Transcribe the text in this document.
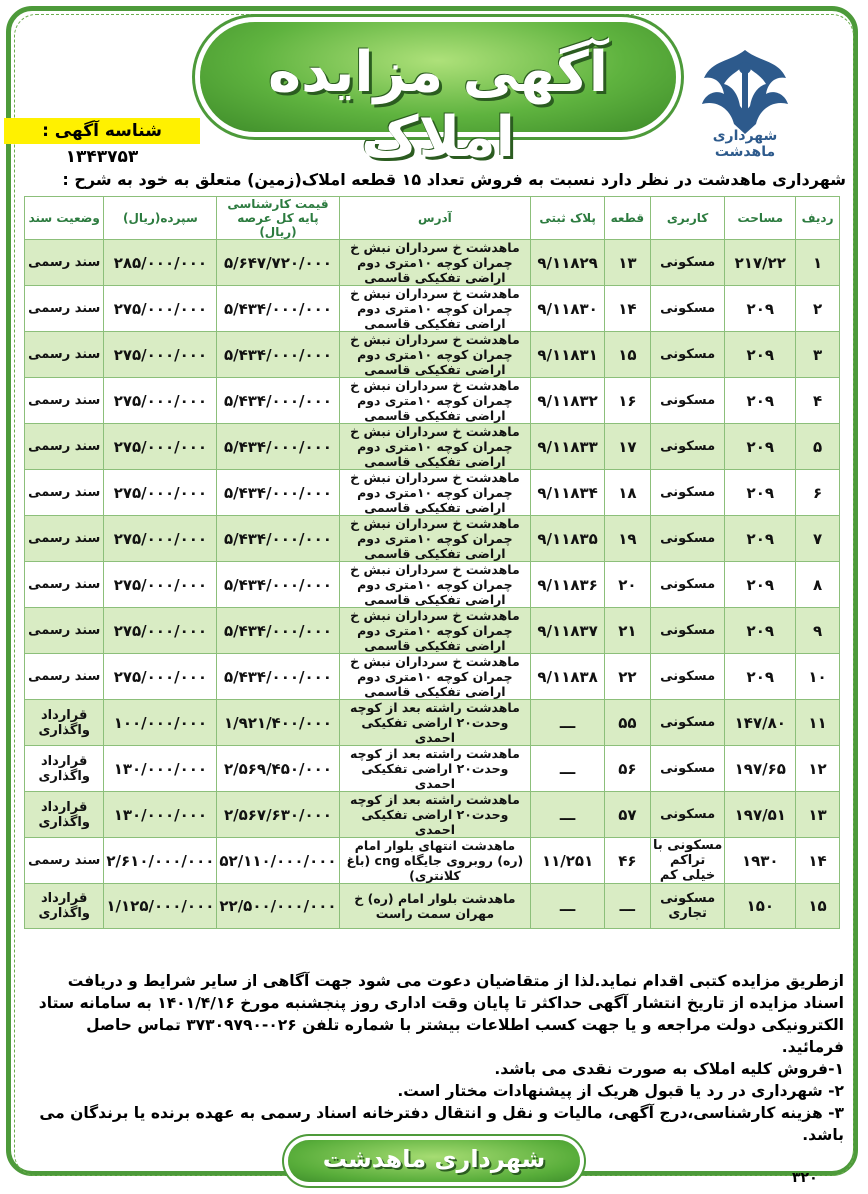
آگهی مزایده املاک
شناسه آگهی : ۱۳۴۳۷۵۳
شهرداری ماهدشت
شهرداری ماهدشت در نظر دارد نسبت به فروش تعداد ۱۵ قطعه املاک(زمین) متعلق به خود به شرح :
ردیف	مساحت	کاربری	قطعه	پلاک ثبتی	آدرس	قیمت کارشناسی پایه کل عرصه (ریال)	سپرده(ریال)	وضعیت سند
۱	۲۱۷/۲۲	مسکونی	۱۳	۹/۱۱۸۲۹	ماهدشت خ سرداران نبش خ چمران کوچه ۱۰متری دوم اراضی تفکیکی قاسمی	۵/۶۴۷/۷۲۰/۰۰۰	۲۸۵/۰۰۰/۰۰۰	سند رسمی
۲	۲۰۹	مسکونی	۱۴	۹/۱۱۸۳۰	ماهدشت خ سرداران نبش خ چمران کوچه ۱۰متری دوم اراضی تفکیکی قاسمی	۵/۴۳۴/۰۰۰/۰۰۰	۲۷۵/۰۰۰/۰۰۰	سند رسمی
۳	۲۰۹	مسکونی	۱۵	۹/۱۱۸۳۱	ماهدشت خ سرداران نبش خ چمران کوچه ۱۰متری دوم اراضی تفکیکی قاسمی	۵/۴۳۴/۰۰۰/۰۰۰	۲۷۵/۰۰۰/۰۰۰	سند رسمی
۴	۲۰۹	مسکونی	۱۶	۹/۱۱۸۳۲	ماهدشت خ سرداران نبش خ چمران کوچه ۱۰متری دوم اراضی تفکیکی قاسمی	۵/۴۳۴/۰۰۰/۰۰۰	۲۷۵/۰۰۰/۰۰۰	سند رسمی
۵	۲۰۹	مسکونی	۱۷	۹/۱۱۸۳۳	ماهدشت خ سرداران نبش خ چمران کوچه ۱۰متری دوم اراضی تفکیکی قاسمی	۵/۴۳۴/۰۰۰/۰۰۰	۲۷۵/۰۰۰/۰۰۰	سند رسمی
۶	۲۰۹	مسکونی	۱۸	۹/۱۱۸۳۴	ماهدشت خ سرداران نبش خ چمران کوچه ۱۰متری دوم اراضی تفکیکی قاسمی	۵/۴۳۴/۰۰۰/۰۰۰	۲۷۵/۰۰۰/۰۰۰	سند رسمی
۷	۲۰۹	مسکونی	۱۹	۹/۱۱۸۳۵	ماهدشت خ سرداران نبش خ چمران کوچه ۱۰متری دوم اراضی تفکیکی قاسمی	۵/۴۳۴/۰۰۰/۰۰۰	۲۷۵/۰۰۰/۰۰۰	سند رسمی
۸	۲۰۹	مسکونی	۲۰	۹/۱۱۸۳۶	ماهدشت خ سرداران نبش خ چمران کوچه ۱۰متری دوم اراضی تفکیکی قاسمی	۵/۴۳۴/۰۰۰/۰۰۰	۲۷۵/۰۰۰/۰۰۰	سند رسمی
۹	۲۰۹	مسکونی	۲۱	۹/۱۱۸۳۷	ماهدشت خ سرداران نبش خ چمران کوچه ۱۰متری دوم اراضی تفکیکی قاسمی	۵/۴۳۴/۰۰۰/۰۰۰	۲۷۵/۰۰۰/۰۰۰	سند رسمی
۱۰	۲۰۹	مسکونی	۲۲	۹/۱۱۸۳۸	ماهدشت خ سرداران نبش خ چمران کوچه ۱۰متری دوم اراضی تفکیکی قاسمی	۵/۴۳۴/۰۰۰/۰۰۰	۲۷۵/۰۰۰/۰۰۰	سند رسمی
۱۱	۱۴۷/۸۰	مسکونی	۵۵	ـــ	ماهدشت راشته بعد از کوچه وحدت۲۰ اراضی تفکیکی احمدی	۱/۹۲۱/۴۰۰/۰۰۰	۱۰۰/۰۰۰/۰۰۰	قرارداد واگذاری
۱۲	۱۹۷/۶۵	مسکونی	۵۶	ـــ	ماهدشت راشته بعد از کوچه وحدت۲۰ اراضی تفکیکی احمدی	۲/۵۶۹/۴۵۰/۰۰۰	۱۳۰/۰۰۰/۰۰۰	قرارداد واگذاری
۱۳	۱۹۷/۵۱	مسکونی	۵۷	ـــ	ماهدشت راشته بعد از کوچه وحدت۲۰ اراضی تفکیکی احمدی	۲/۵۶۷/۶۳۰/۰۰۰	۱۳۰/۰۰۰/۰۰۰	قرارداد واگذاری
۱۴	۱۹۳۰	مسکونی با تراکم خیلی کم	۴۶	۱۱/۲۵۱	ماهدشت انتهای بلوار امام (ره) روبروی جایگاه cng (باغ کلانتری)	۵۲/۱۱۰/۰۰۰/۰۰۰	۲/۶۱۰/۰۰۰/۰۰۰	سند رسمی
۱۵	۱۵۰	مسکونی تجاری	ـــ	ـــ	ماهدشت بلوار امام (ره) خ مهران سمت راست	۲۲/۵۰۰/۰۰۰/۰۰۰	۱/۱۲۵/۰۰۰/۰۰۰	قرارداد واگذاری

ازطریق مزایده کتبی اقدام نماید.لذا از متقاضیان دعوت می شود جهت آگاهی از سایر شرایط و دریافت اسناد مزایده از تاریخ انتشار آگهی حداکثر تا پایان وقت اداری روز پنجشنبه مورخ ۱۴۰۱/۴/۱۶ به سامانه ستاد الکترونیکی دولت مراجعه و یا جهت کسب اطلاعات بیشتر با شماره تلفن ۰۲۶-۳۷۳۰۹۷۹۰ تماس حاصل فرمائید.

۱-فروش کلیه املاک به صورت نقدی می باشد.

۲- شهرداری در رد یا قبول هریک از پیشنهادات مختار است.

۳- هزینه کارشناسی،درج آگهی، مالیات و نقل و انتقال دفترخانه اسناد رسمی به عهده برنده یا برندگان می باشد.

شهرداری ماهدشت
۳۲۰
